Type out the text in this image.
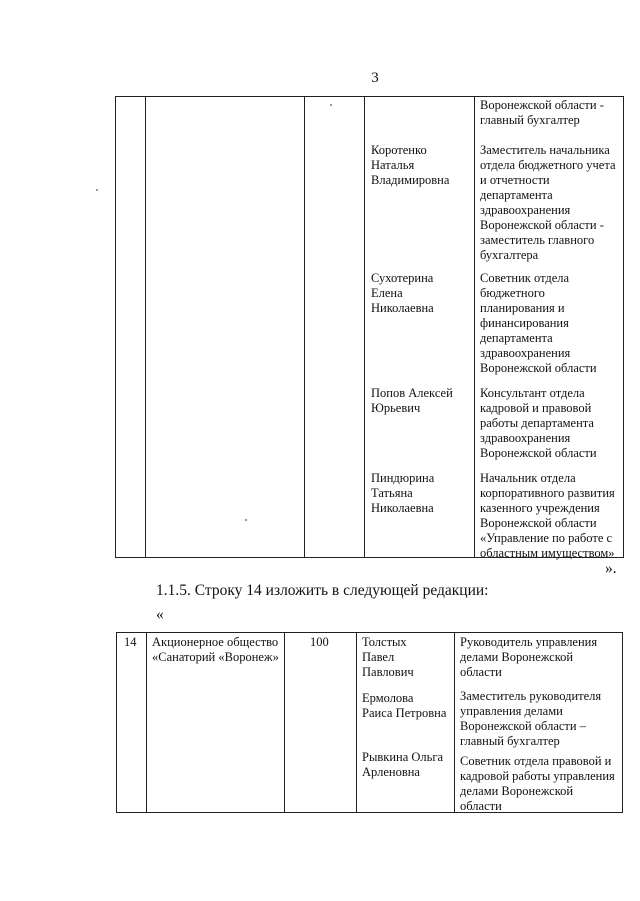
3
Воронежской области -
главный бухгалтер
Коротенко
Наталья
Владимировна
Заместитель начальника
отдела бюджетного учета
и отчетности
департамента
здравоохранения
Воронежской области -
заместитель главного
бухгалтера
Сухотерина
Елена
Николаевна
Советник отдела
бюджетного
планирования и
финансирования
департамента
здравоохранения
Воронежской области
Попов Алексей
Юрьевич
Консультант отдела
кадровой и правовой
работы департамента
здравоохранения
Воронежской области
Пиндюрина
Татьяна
Николаевна
Начальник отдела
корпоративного развития
казенного учреждения
Воронежской области
«Управление по работе с
областным имуществом»
».
1.1.5. Строку 14 изложить в следующей редакции:
«
14 Акционерное общество
«Санаторий «Воронеж»
100	Толстых
Павел
Павлович
Руководитель управления
делами Воронежской
области
Ермолова
Раиса Петровна
Заместитель руководителя
управления делами
Воронежской области –
главный бухгалтер
Рывкина Ольга
Арленовна
Советник отдела правовой и
кадровой работы управления
делами Воронежской
области
